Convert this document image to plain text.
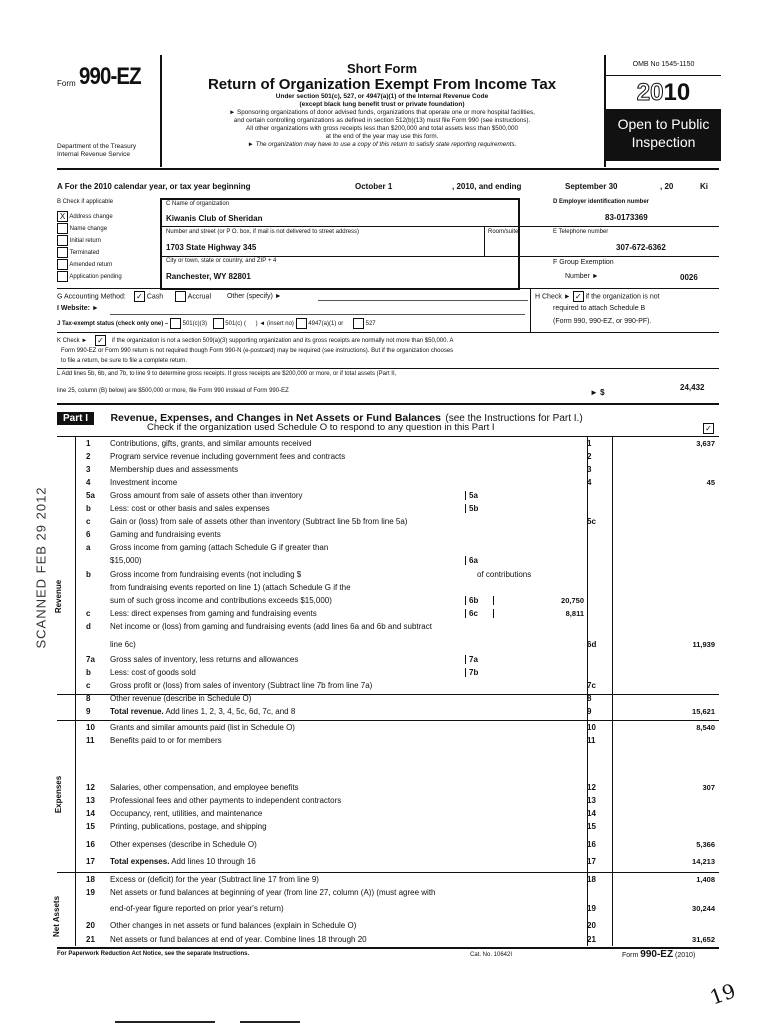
Form 990-EZ
Department of the Treasury
Internal Revenue Service
Short Form
Return of Organization Exempt From Income Tax
Under section 501(c), 527, or 4947(a)(1) of the Internal Revenue Code
(except black lung benefit trust or private foundation)
► Sponsoring organizations of donor advised funds, organizations that operate one or more hospital facilities,
and certain controlling organizations as defined in section 512(b)(13) must file Form 990 (see instructions).
All other organizations with gross receipts less than $200,000 and total assets less than $500,000
at the end of the year may use this form.
► The organization may have to use a copy of this return to satisfy state reporting requirements.
OMB No 1545-1150
2010
Open to Public
Inspection
A For the 2010 calendar year, or tax year beginning	October 1	, 2010, and ending	September 30	, 20	Ki
B Check if applicable
X Address change
Name change
Initial return
Terminated
Amended return
Application pending
C Name of organization
Kiwanis Club of Sheridan
Number and street (or P O. box, if mail is not delivered to street address)	Room/suite
1703 State Highway 345
City or town, state or country, and ZIP + 4
Ranchester, WY 82801
D Employer identification number
83-0173369
E Telephone number
307-672-6362
F Group Exemption
Number ►	0026
G Accounting Method: ✓ Cash	Accrual Other (specify) ►	H Check ► ✓ if the organization is not
required to attach Schedule B
(Form 990, 990-EZ, or 990-PF).
I Website: ►
J Tax-exempt status (check only one) – 501(c)(3)	501(c) ( ) ◄ (insert no) 4947(a)(1) or	527
K Check ► ✓ if the organization is not a section 509(a)(3) supporting organization and its gross receipts are normally not more than $50,000. A
Form 990-EZ or Form 990 return is not required though Form 990-N (e-postcard) may be required (see instructions). But if the organization chooses
to file a return, be sure to file a complete return.
L Add lines 5b, 6b, and 7b, to line 9 to determine gross receipts. If gross receipts are $200,000 or more, or if total assets (Part II,
line 25, column (B) below) are $500,000 or more, file Form 990 instead of Form 990-EZ	► $
24,432
Part I Revenue, Expenses, and Changes in Net Assets or Fund Balances (see the Instructions for Part I.)
Check if the organization used Schedule O to respond to any question in this Part I	✓
Revenue
Expenses
Net Assets
1 Contributions, gifts, grants, and similar amounts received	1	3,637
2 Program service revenue including government fees and contracts	2
3 Membership dues and assessments	3
4 Investment income	4	45
5a Gross amount from sale of assets other than inventory	5a
b Less: cost or other basis and sales expenses	5b
c Gain or (loss) from sale of assets other than inventory (Subtract line 5b from line 5a)	5c
6 Gaming and fundraising events
a Gross income from gaming (attach Schedule G if greater than
$15,000)	6a
b Gross income from fundraising events (not including $	of contributions
from fundraising events reported on line 1) (attach Schedule G if the
sum of such gross income and contributions exceeds $15,000)	6b	20,750
c Less: direct expenses from gaming and fundraising events	6c	8,811
d Net income or (loss) from gaming and fundraising events (add lines 6a and 6b and subtract
line 6c)	6d	11,939
7a Gross sales of inventory, less returns and allowances	7a
b Less: cost of goods sold	7b
c Gross profit or (loss) from sales of inventory (Subtract line 7b from line 7a)	7c
8 Other revenue (describe in Schedule O)	8
9 Total revenue. Add lines 1, 2, 3, 4, 5c, 6d, 7c, and 8	9	15,621
10 Grants and similar amounts paid (list in Schedule O)	10	8,540
11 Benefits paid to or for members	11
12 Salaries, other compensation, and employee benefits	12	307
13 Professional fees and other payments to independent contractors	13
14 Occupancy, rent, utilities, and maintenance	14
15 Printing, publications, postage, and shipping	15
16 Other expenses (describe in Schedule O)	16	5,366
17 Total expenses. Add lines 10 through 16	17	14,213
18 Excess or (deficit) for the year (Subtract line 17 from line 9)	18	1,408
19 Net assets or fund balances at beginning of year (from line 27, column (A)) (must agree with
end-of-year figure reported on prior year's return)	19	30,244
20 Other changes in net assets or fund balances (explain in Schedule O)	20
21 Net assets or fund balances at end of year. Combine lines 18 through 20	21	31,652
For Paperwork Reduction Act Notice, see the separate Instructions.	Cat. No. 10642I	Form 990-EZ (2010)
SCANNED FEB 29 2012
19
